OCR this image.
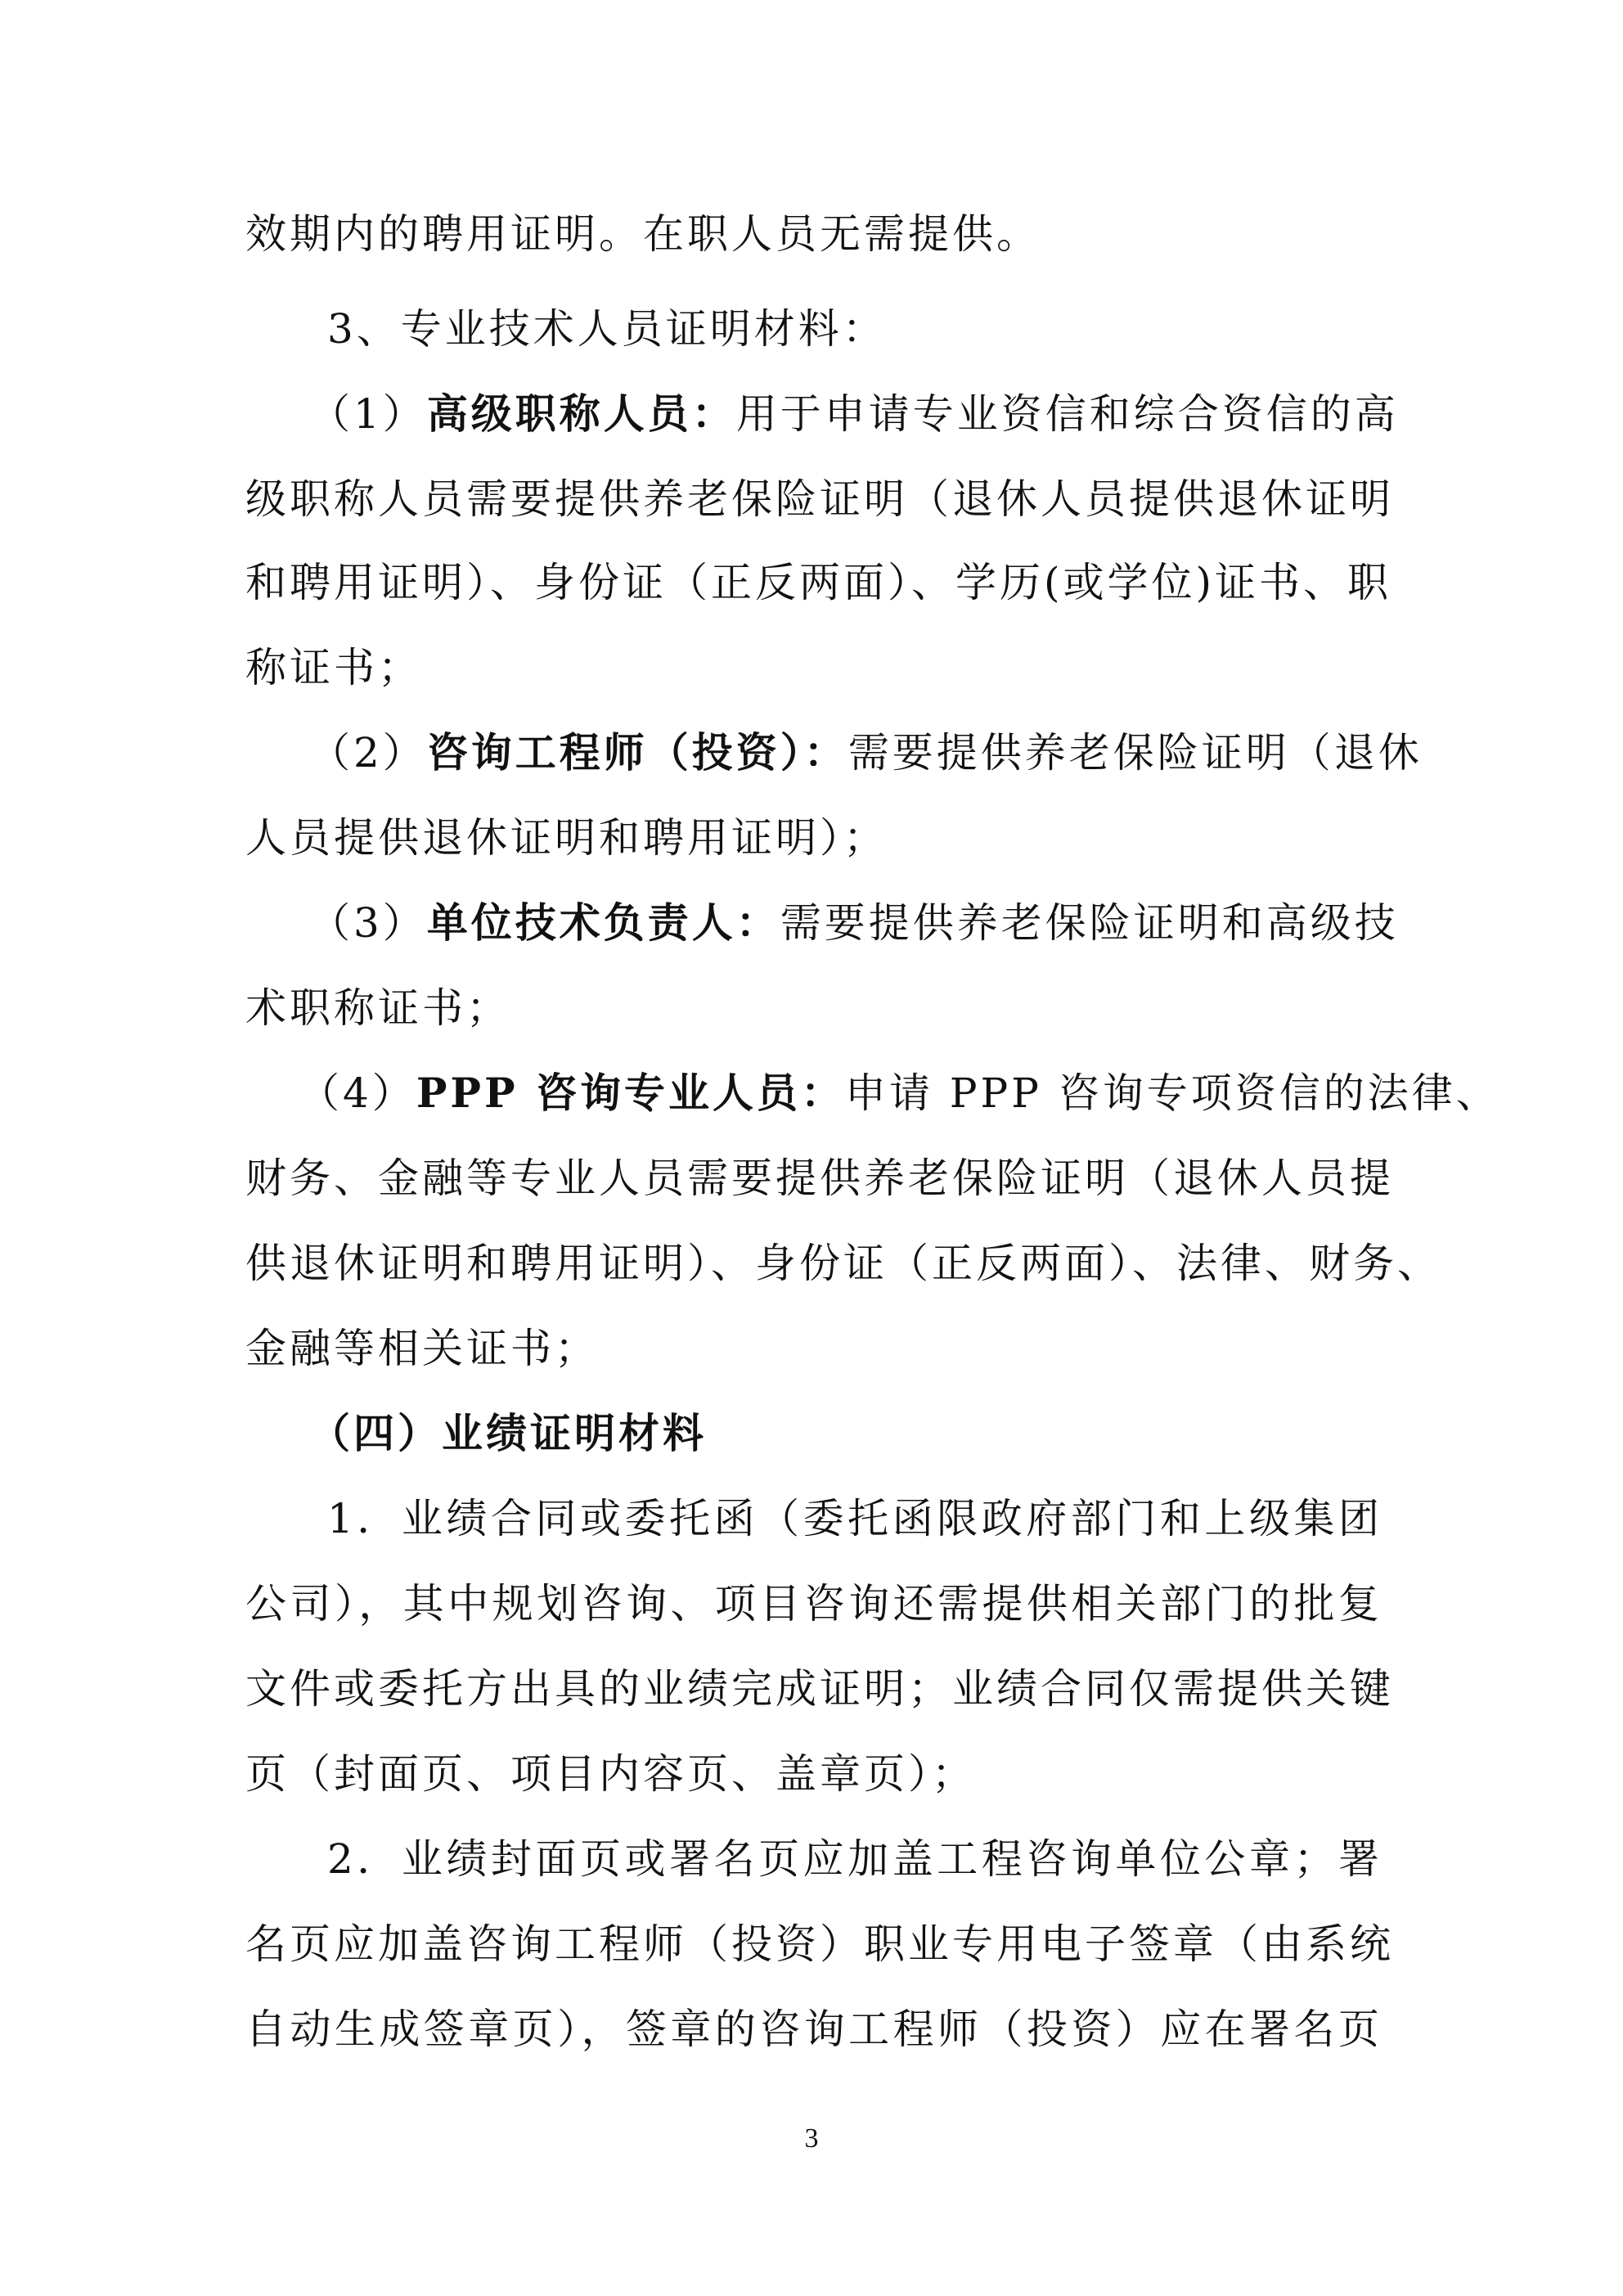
效期内的聘用证明。在职人员无需提供。
3、专业技术人员证明材料：
（1）高级职称人员：用于申请专业资信和综合资信的高
级职称人员需要提供养老保险证明（退休人员提供退休证明
和聘用证明）、身份证（正反两面）、学历(或学位)证书、职
称证书；
（2）咨询工程师（投资）：需要提供养老保险证明（退休
人员提供退休证明和聘用证明）；
（3）单位技术负责人：需要提供养老保险证明和高级技
术职称证书；
（4）PPP 咨询专业人员：申请 PPP 咨询专项资信的法律、
财务、金融等专业人员需要提供养老保险证明（退休人员提
供退休证明和聘用证明）、身份证（正反两面）、法律、财务、
金融等相关证书；
（四）业绩证明材料
1．业绩合同或委托函（委托函限政府部门和上级集团
公司），其中规划咨询、项目咨询还需提供相关部门的批复
文件或委托方出具的业绩完成证明；业绩合同仅需提供关键
页（封面页、项目内容页、盖章页）；
2．业绩封面页或署名页应加盖工程咨询单位公章；署
名页应加盖咨询工程师（投资）职业专用电子签章（由系统
自动生成签章页），签章的咨询工程师（投资）应在署名页
3
